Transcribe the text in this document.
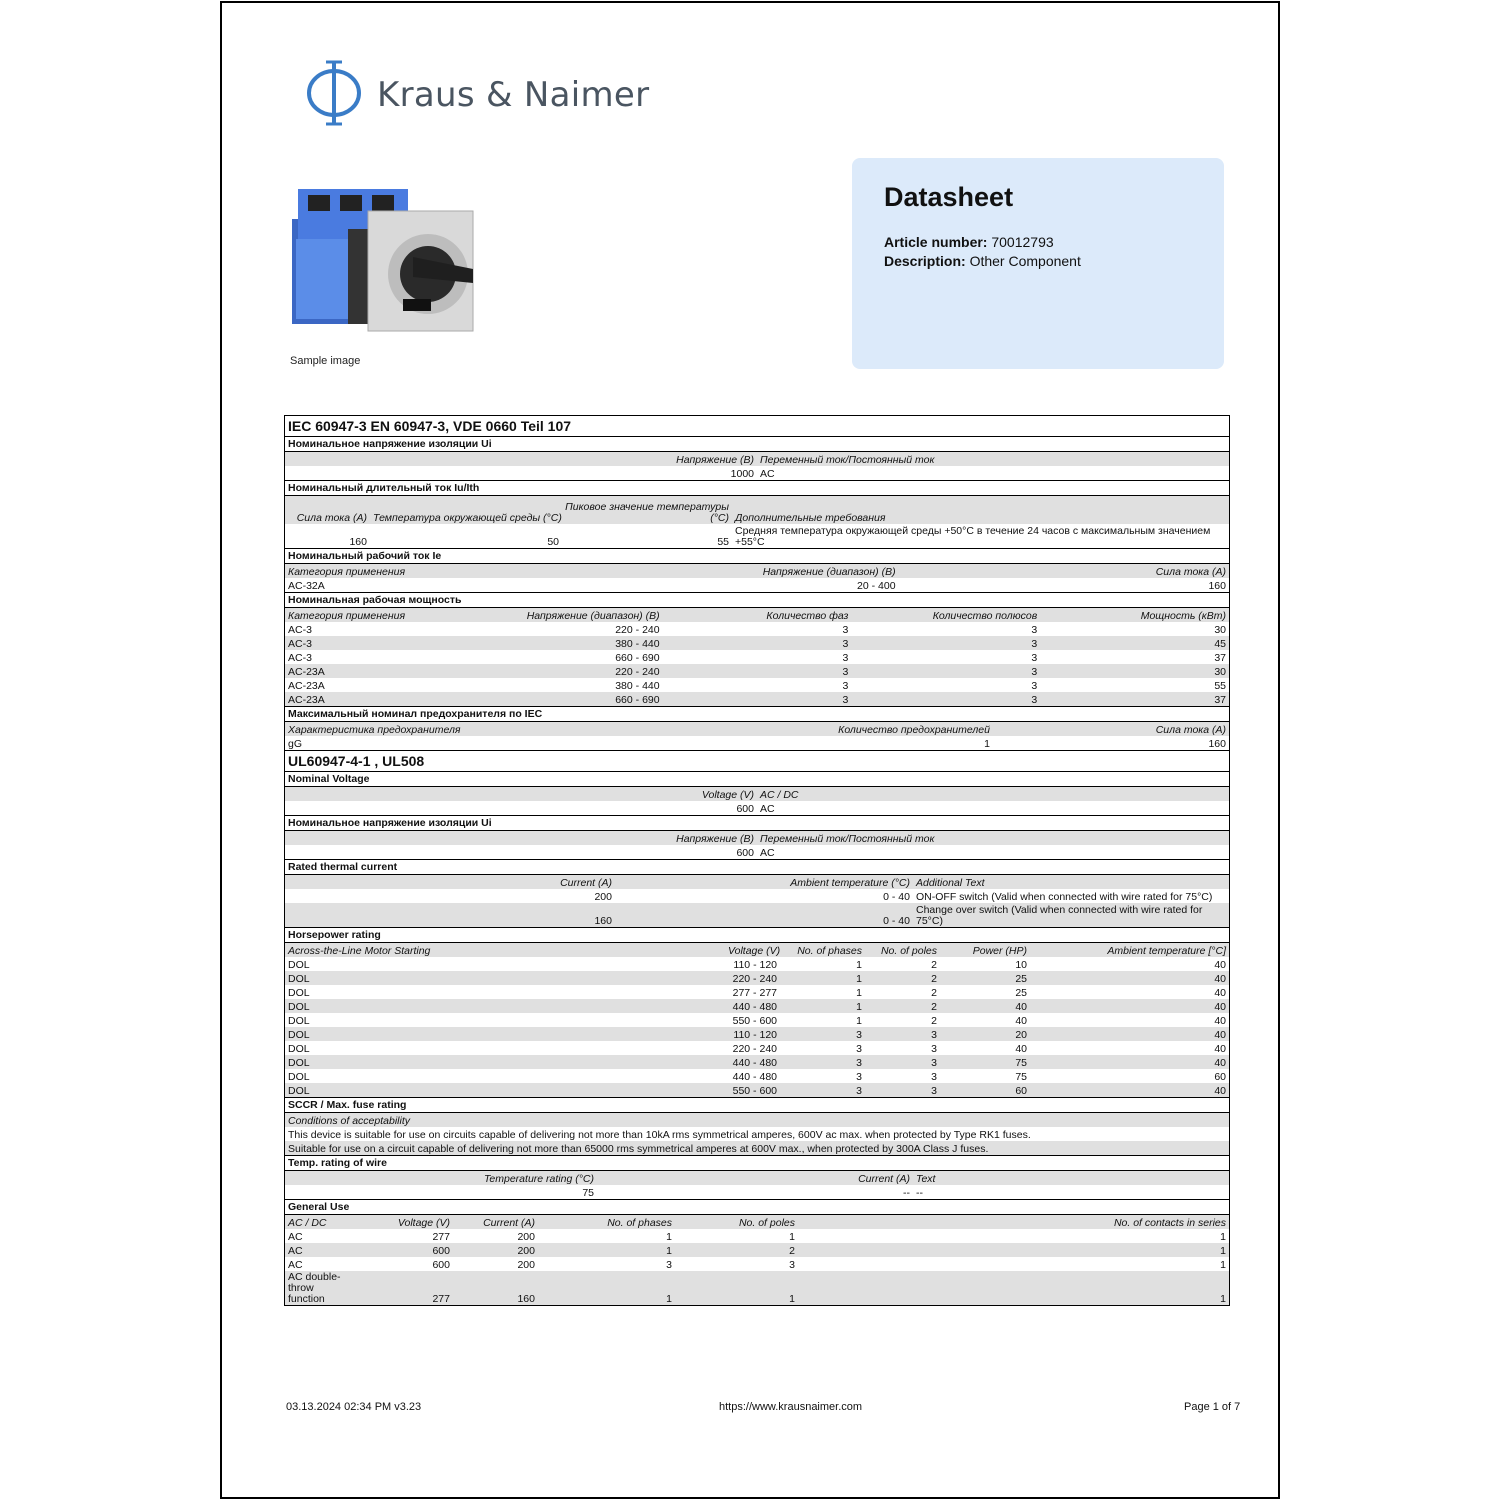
Kraus & Naimer
Sample image
Datasheet
Article number: 70012793
Description: Other Component
IEC 60947-3 EN 60947-3, VDE 0660 Teil 107
Номинальное напряжение изоляции Ui
Напряжение (В)	Переменный ток/Постоянный ток
1000	AC
Номинальный длительный ток Iu/Ith
Сила тока (A)	Температура окружающей среды (°C)	Пиковое значение температуры (°C)	Дополнительные требования
160	50	55	Средняя температура окружающей среды +50°C в течение 24 часов с максимальным значением +55°C
Номинальный рабочий ток Ie
Категория применения	Напряжение (диапазон) (В)	Сила тока (A)
AC-32A	20 - 400	160
Номинальная рабочая мощность
Категория применения	Напряжение (диапазон) (В)	Количество фаз	Количество полюсов	Мощность (кВт)
AC-3	220 - 240	3	3	30
AC-3	380 - 440	3	3	45
AC-3	660 - 690	3	3	37
AC-23A	220 - 240	3	3	30
AC-23A	380 - 440	3	3	55
AC-23A	660 - 690	3	3	37
Максимальный номинал предохранителя по IEC
Характеристика предохранителя	Количество предохранителей	Сила тока (A)
gG	1	160
UL60947-4-1 , UL508
Nominal Voltage
Voltage (V)	AC / DC
600	AC
Номинальное напряжение изоляции Ui
Напряжение (В)	Переменный ток/Постоянный ток
600	AC
Rated thermal current
Current (A)	Ambient temperature (°C)	Additional Text
200	0 - 40	ON-OFF switch (Valid when connected with wire rated for 75°C)
160	0 - 40	Change over switch (Valid when connected with wire rated for 75°C)
Horsepower rating
Across-the-Line Motor Starting	Voltage (V)	No. of phases	No. of poles	Power (HP)	Ambient temperature [°C]
DOL	110 - 120	1	2	10	40
DOL	220 - 240	1	2	25	40
DOL	277 - 277	1	2	25	40
DOL	440 - 480	1	2	40	40
DOL	550 - 600	1	2	40	40
DOL	110 - 120	3	3	20	40
DOL	220 - 240	3	3	40	40
DOL	440 - 480	3	3	75	40
DOL	440 - 480	3	3	75	60
DOL	550 - 600	3	3	60	40
SCCR / Max. fuse rating
Conditions of acceptability
This device is suitable for use on circuits capable of delivering not more than 10kA rms symmetrical amperes, 600V ac max. when protected by Type RK1 fuses.
Suitable for use on a circuit capable of delivering not more than 65000 rms symmetrical amperes at 600V max., when protected by 300A Class J fuses.
Temp. rating of wire
Temperature rating (°C)	Current (A)	Text
75	--	--
General Use
AC / DC	Voltage (V)	Current (A)	No. of phases	No. of poles	No. of contacts in series
AC	277	200	1	1	1
AC	600	200	1	2	1
AC	600	200	3	3	1
AC double-throw function	277	160	1	1	1
03.13.2024 02:34 PM v3.23	https://www.krausnaimer.com	Page 1 of 7
